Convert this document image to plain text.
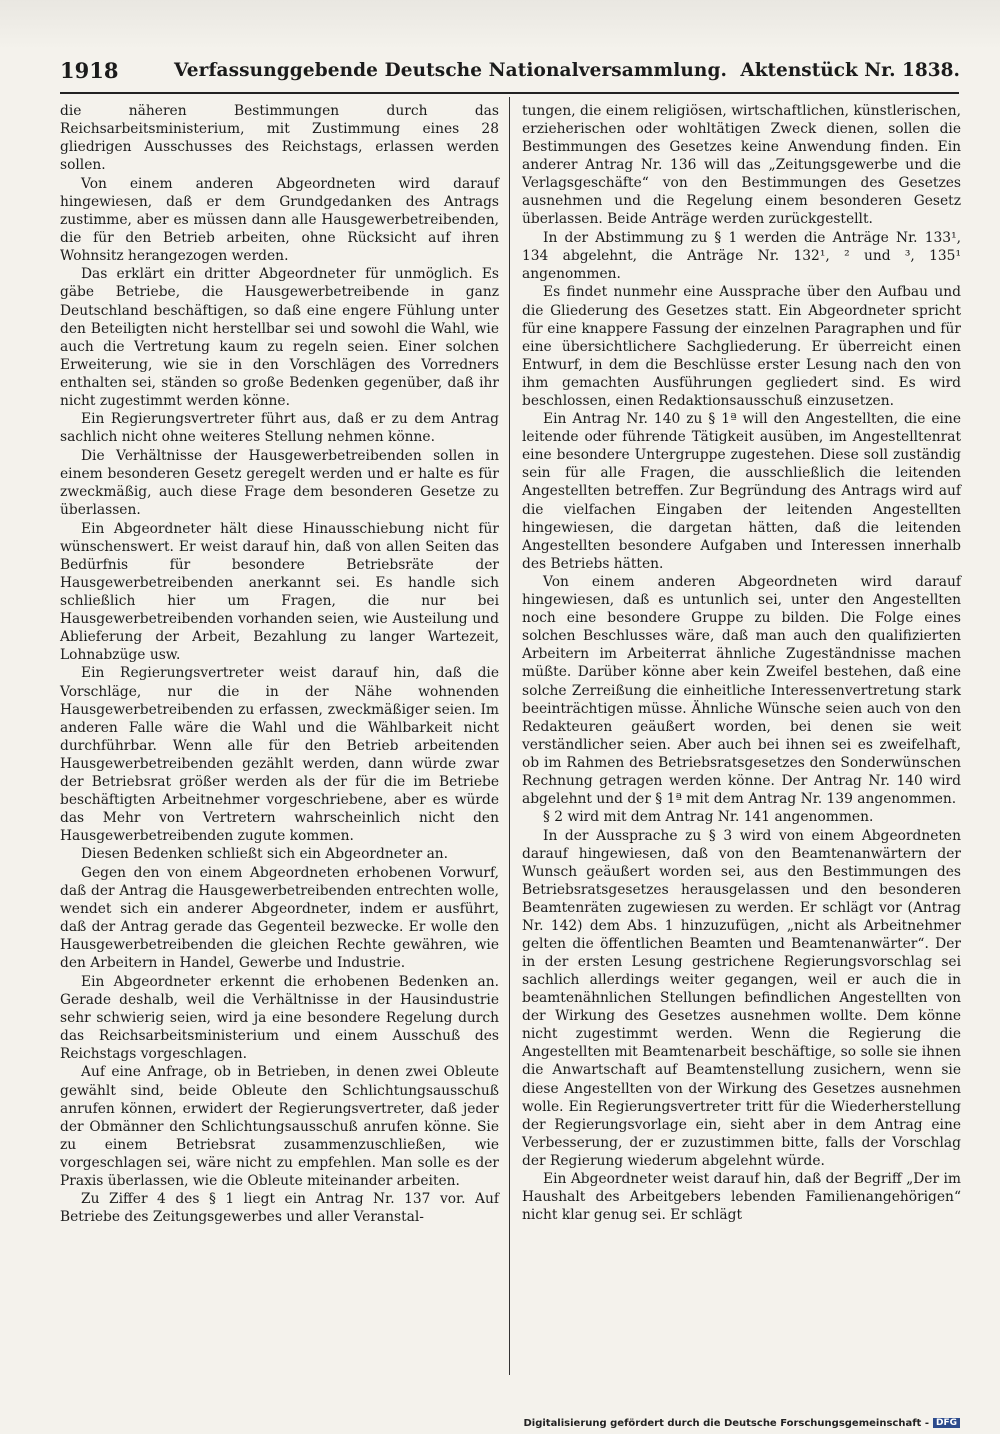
1918	Verfassunggebende Deutsche Nationalversammlung. Aktenstück Nr. 1838.

die näheren Bestimmungen durch das Reichsarbeitsministerium, mit Zustimmung eines 28 gliedrigen Ausschusses des Reichstags, erlassen werden sollen.

Von einem anderen Abgeordneten wird darauf hingewiesen, daß er dem Grundgedanken des Antrags zustimme, aber es müssen dann alle Hausgewerbetreibenden, die für den Betrieb arbeiten, ohne Rücksicht auf ihren Wohnsitz herangezogen werden.

Das erklärt ein dritter Abgeordneter für unmöglich. Es gäbe Betriebe, die Hausgewerbetreibende in ganz Deutschland beschäftigen, so daß eine engere Fühlung unter den Beteiligten nicht herstellbar sei und sowohl die Wahl, wie auch die Vertretung kaum zu regeln seien. Einer solchen Erweiterung, wie sie in den Vorschlägen des Vorredners enthalten sei, ständen so große Bedenken gegenüber, daß ihr nicht zugestimmt werden könne.

Ein Regierungsvertreter führt aus, daß er zu dem Antrag sachlich nicht ohne weiteres Stellung nehmen könne.

Die Verhältnisse der Hausgewerbetreibenden sollen in einem besonderen Gesetz geregelt werden und er halte es für zweckmäßig, auch diese Frage dem besonderen Gesetze zu überlassen.

Ein Abgeordneter hält diese Hinausschiebung nicht für wünschenswert. Er weist darauf hin, daß von allen Seiten das Bedürfnis für besondere Betriebsräte der Hausgewerbetreibenden anerkannt sei. Es handle sich schließlich hier um Fragen, die nur bei Hausgewerbetreibenden vorhanden seien, wie Austeilung und Ablieferung der Arbeit, Bezahlung zu langer Wartezeit, Lohnabzüge usw.

Ein Regierungsvertreter weist darauf hin, daß die Vorschläge, nur die in der Nähe wohnenden Hausgewerbetreibenden zu erfassen, zweckmäßiger seien. Im anderen Falle wäre die Wahl und die Wählbarkeit nicht durchführbar. Wenn alle für den Betrieb arbeitenden Hausgewerbetreibenden gezählt werden, dann würde zwar der Betriebsrat größer werden als der für die im Betriebe beschäftigten Arbeitnehmer vorgeschriebene, aber es würde das Mehr von Vertretern wahrscheinlich nicht den Hausgewerbetreibenden zugute kommen.

Diesen Bedenken schließt sich ein Abgeordneter an.

Gegen den von einem Abgeordneten erhobenen Vorwurf, daß der Antrag die Hausgewerbetreibenden entrechten wolle, wendet sich ein anderer Abgeordneter, indem er ausführt, daß der Antrag gerade das Gegenteil bezwecke. Er wolle den Hausgewerbetreibenden die gleichen Rechte gewähren, wie den Arbeitern in Handel, Gewerbe und Industrie.

Ein Abgeordneter erkennt die erhobenen Bedenken an. Gerade deshalb, weil die Verhältnisse in der Hausindustrie sehr schwierig seien, wird ja eine besondere Regelung durch das Reichsarbeitsministerium und einem Ausschuß des Reichstags vorgeschlagen.

Auf eine Anfrage, ob in Betrieben, in denen zwei Obleute gewählt sind, beide Obleute den Schlichtungsausschuß anrufen können, erwidert der Regierungsvertreter, daß jeder der Obmänner den Schlichtungsausschuß anrufen könne. Sie zu einem Betriebsrat zusammenzuschließen, wie vorgeschlagen sei, wäre nicht zu empfehlen. Man solle es der Praxis überlassen, wie die Obleute miteinander arbeiten.

Zu Ziffer 4 des § 1 liegt ein Antrag Nr. 137 vor. Auf Betriebe des Zeitungsgewerbes und aller Veranstal-

tungen, die einem religiösen, wirtschaftlichen, künstlerischen, erzieherischen oder wohltätigen Zweck dienen, sollen die Bestimmungen des Gesetzes keine Anwendung finden. Ein anderer Antrag Nr. 136 will das „Zeitungsgewerbe und die Verlagsgeschäfte“ von den Bestimmungen des Gesetzes ausnehmen und die Regelung einem besonderen Gesetz überlassen. Beide Anträge werden zurückgestellt.

In der Abstimmung zu § 1 werden die Anträge Nr. 133¹, 134 abgelehnt, die Anträge Nr. 132¹, ² und ³, 135¹ angenommen.

Es findet nunmehr eine Aussprache über den Aufbau und die Gliederung des Gesetzes statt. Ein Abgeordneter spricht für eine knappere Fassung der einzelnen Paragraphen und für eine übersichtlichere Sachgliederung. Er überreicht einen Entwurf, in dem die Beschlüsse erster Lesung nach den von ihm gemachten Ausführungen gegliedert sind. Es wird beschlossen, einen Redaktionsausschuß einzusetzen.

Ein Antrag Nr. 140 zu § 1ª will den Angestellten, die eine leitende oder führende Tätigkeit ausüben, im Angestelltenrat eine besondere Untergruppe zugestehen. Diese soll zuständig sein für alle Fragen, die ausschließlich die leitenden Angestellten betreffen. Zur Begründung des Antrags wird auf die vielfachen Eingaben der leitenden Angestellten hingewiesen, die dargetan hätten, daß die leitenden Angestellten besondere Aufgaben und Interessen innerhalb des Betriebs hätten.

Von einem anderen Abgeordneten wird darauf hingewiesen, daß es untunlich sei, unter den Angestellten noch eine besondere Gruppe zu bilden. Die Folge eines solchen Beschlusses wäre, daß man auch den qualifizierten Arbeitern im Arbeiterrat ähnliche Zugeständnisse machen müßte. Darüber könne aber kein Zweifel bestehen, daß eine solche Zerreißung die einheitliche Interessenvertretung stark beeinträchtigen müsse. Ähnliche Wünsche seien auch von den Redakteuren geäußert worden, bei denen sie weit verständlicher seien. Aber auch bei ihnen sei es zweifelhaft, ob im Rahmen des Betriebsratsgesetzes den Sonderwünschen Rechnung getragen werden könne. Der Antrag Nr. 140 wird abgelehnt und der § 1ª mit dem Antrag Nr. 139 angenommen.

§ 2 wird mit dem Antrag Nr. 141 angenommen.

In der Aussprache zu § 3 wird von einem Abgeordneten darauf hingewiesen, daß von den Beamtenanwärtern der Wunsch geäußert worden sei, aus den Bestimmungen des Betriebsratsgesetzes herausgelassen und den besonderen Beamtenräten zugewiesen zu werden. Er schlägt vor (Antrag Nr. 142) dem Abs. 1 hinzuzufügen, „nicht als Arbeitnehmer gelten die öffentlichen Beamten und Beamtenanwärter“. Der in der ersten Lesung gestrichene Regierungsvorschlag sei sachlich allerdings weiter gegangen, weil er auch die in beamtenähnlichen Stellungen befindlichen Angestellten von der Wirkung des Gesetzes ausnehmen wollte. Dem könne nicht zugestimmt werden. Wenn die Regierung die Angestellten mit Beamtenarbeit beschäftige, so solle sie ihnen die Anwartschaft auf Beamtenstellung zusichern, wenn sie diese Angestellten von der Wirkung des Gesetzes ausnehmen wolle. Ein Regierungsvertreter tritt für die Wiederherstellung der Regierungsvorlage ein, sieht aber in dem Antrag eine Verbesserung, der er zuzustimmen bitte, falls der Vorschlag der Regierung wiederum abgelehnt würde.

Ein Abgeordneter weist darauf hin, daß der Begriff „Der im Haushalt des Arbeitgebers lebenden Familienangehörigen“ nicht klar genug sei. Er schlägt

Digitalisierung gefördert durch die Deutsche Forschungsgemeinschaft - DFG
